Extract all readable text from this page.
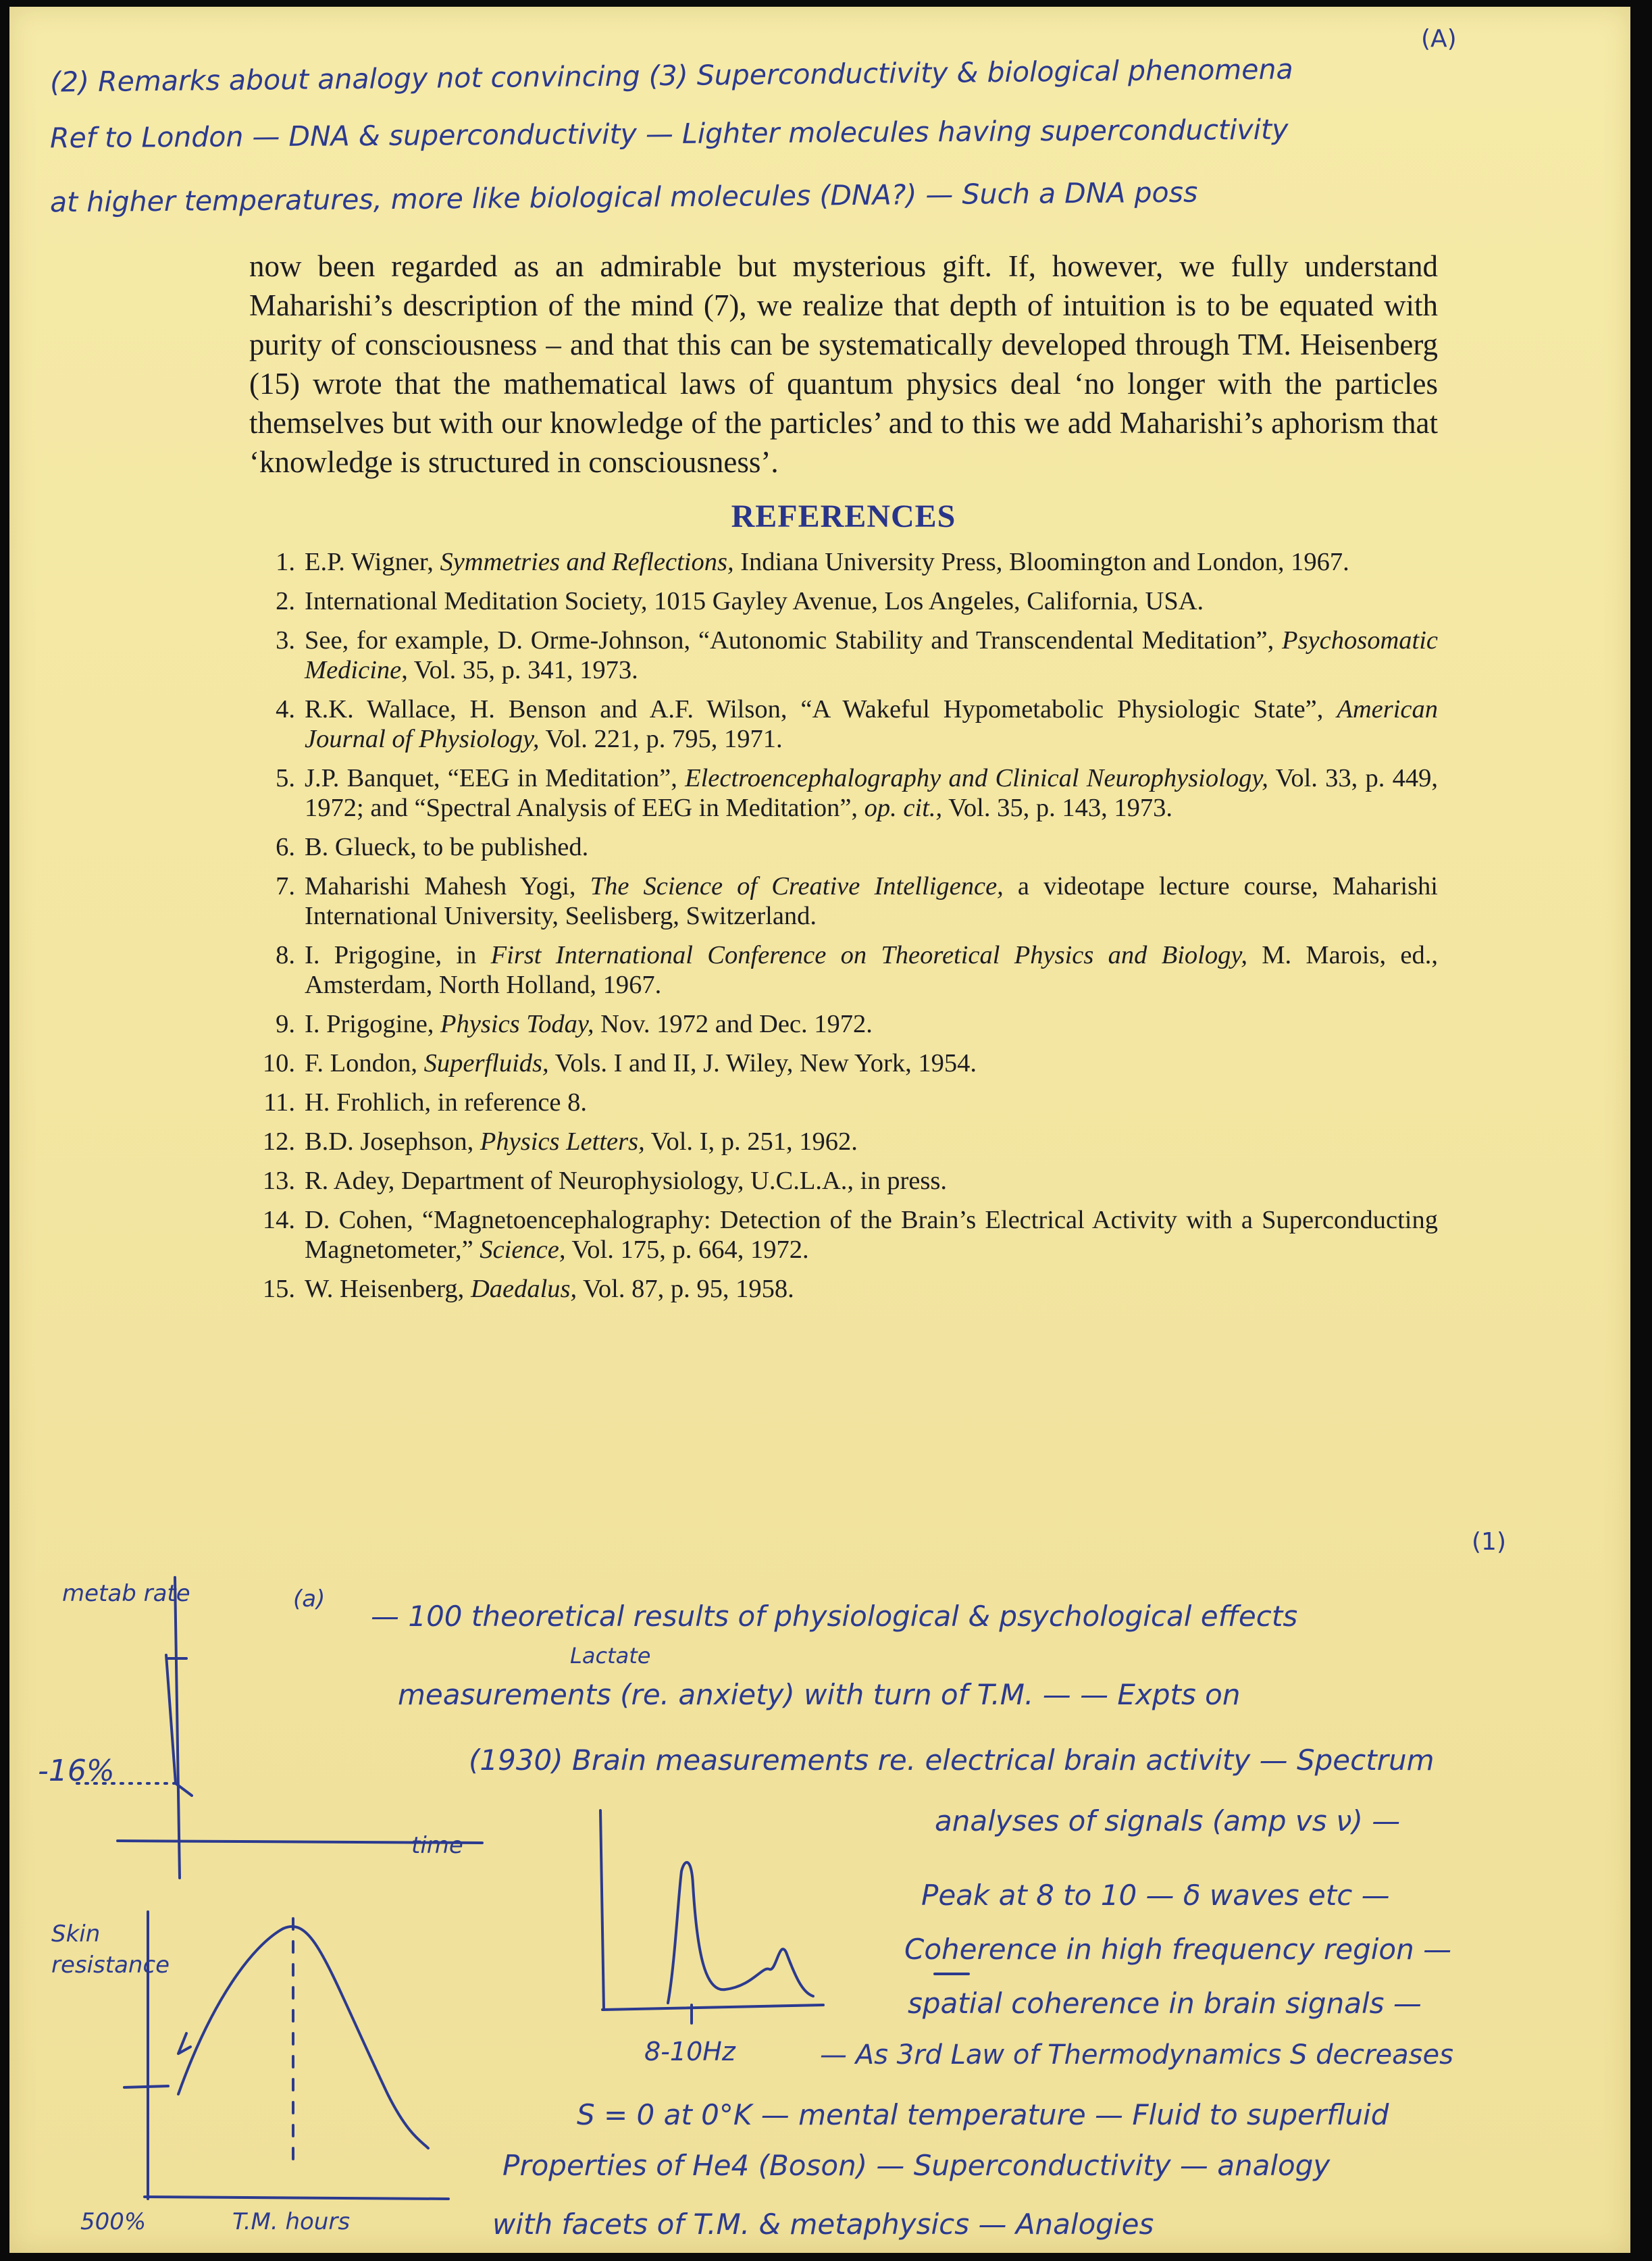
(A)
(2) Remarks about analogy not convincing (3) Superconductivity & biological phenomena
Ref to London — DNA & superconductivity — Lighter molecules having superconductivity
at higher temperatures, more like biological molecules (DNA?) — Such a DNA poss

now been regarded as an admirable but mysterious gift. If, however, we fully understand Maharishi’s description of the mind (7), we realize that depth of intuition is to be equated with purity of consciousness – and that this can be systematically developed through TM. Heisenberg (15) wrote that the mathematical laws of quantum physics deal ‘no longer with the particles themselves but with our knowledge of the particles’ and to this we add Maharishi’s aphorism that ‘knowledge is structured in consciousness’.

REFERENCES
1. E.P. Wigner, Symmetries and Reflections, Indiana University Press, Bloomington and London, 1967.
2. International Meditation Society, 1015 Gayley Avenue, Los Angeles, California, USA.
3. See, for example, D. Orme-Johnson, “Autonomic Stability and Transcendental Meditation”, Psychosomatic Medicine, Vol. 35, p. 341, 1973.
4. R.K. Wallace, H. Benson and A.F. Wilson, “A Wakeful Hypometabolic Physiologic State”, American Journal of Physiology, Vol. 221, p. 795, 1971.
5. J.P. Banquet, “EEG in Meditation”, Electroencephalography and Clinical Neurophysiology, Vol. 33, p. 449, 1972; and “Spectral Analysis of EEG in Meditation”, op. cit., Vol. 35, p. 143, 1973.
6. B. Glueck, to be published.
7. Maharishi Mahesh Yogi, The Science of Creative Intelligence, a videotape lecture course, Maharishi International University, Seelisberg, Switzerland.
8. I. Prigogine, in First International Conference on Theoretical Physics and Biology, M. Marois, ed., Amsterdam, North Holland, 1967.
9. I. Prigogine, Physics Today, Nov. 1972 and Dec. 1972.
10. F. London, Superfluids, Vols. I and II, J. Wiley, New York, 1954.
11. H. Frohlich, in reference 8.
12. B.D. Josephson, Physics Letters, Vol. I, p. 251, 1962.
13. R. Adey, Department of Neurophysiology, U.C.L.A., in press.
14. D. Cohen, “Magnetoencephalography: Detection of the Brain’s Electrical Activity with a Superconducting Magnetometer,” Science, Vol. 175, p. 664, 1972.
15. W. Heisenberg, Daedalus, Vol. 87, p. 95, 1958.
metab rate
-16%
time
Skin resistance
500%	T.M. hours
8-10Hz
(1)
(a)
— 100 theoretical results of physiological & psychological effects
Lactate
measurements (re. anxiety) with turn of T.M. — — Expts on
(1930) Brain measurements re. electrical brain activity — Spectrum
analyses of signals (amp vs ν) —
Peak at 8 to 10 — δ waves etc —
Coherence in high frequency region —
spatial coherence in brain signals —
— As 3rd Law of Thermodynamics S decreases
S = 0 at 0°K — mental temperature — Fluid to superfluid
Properties of He4 (Boson) — Superconductivity — analogy
with facets of T.M. & metaphysics — Analogies
